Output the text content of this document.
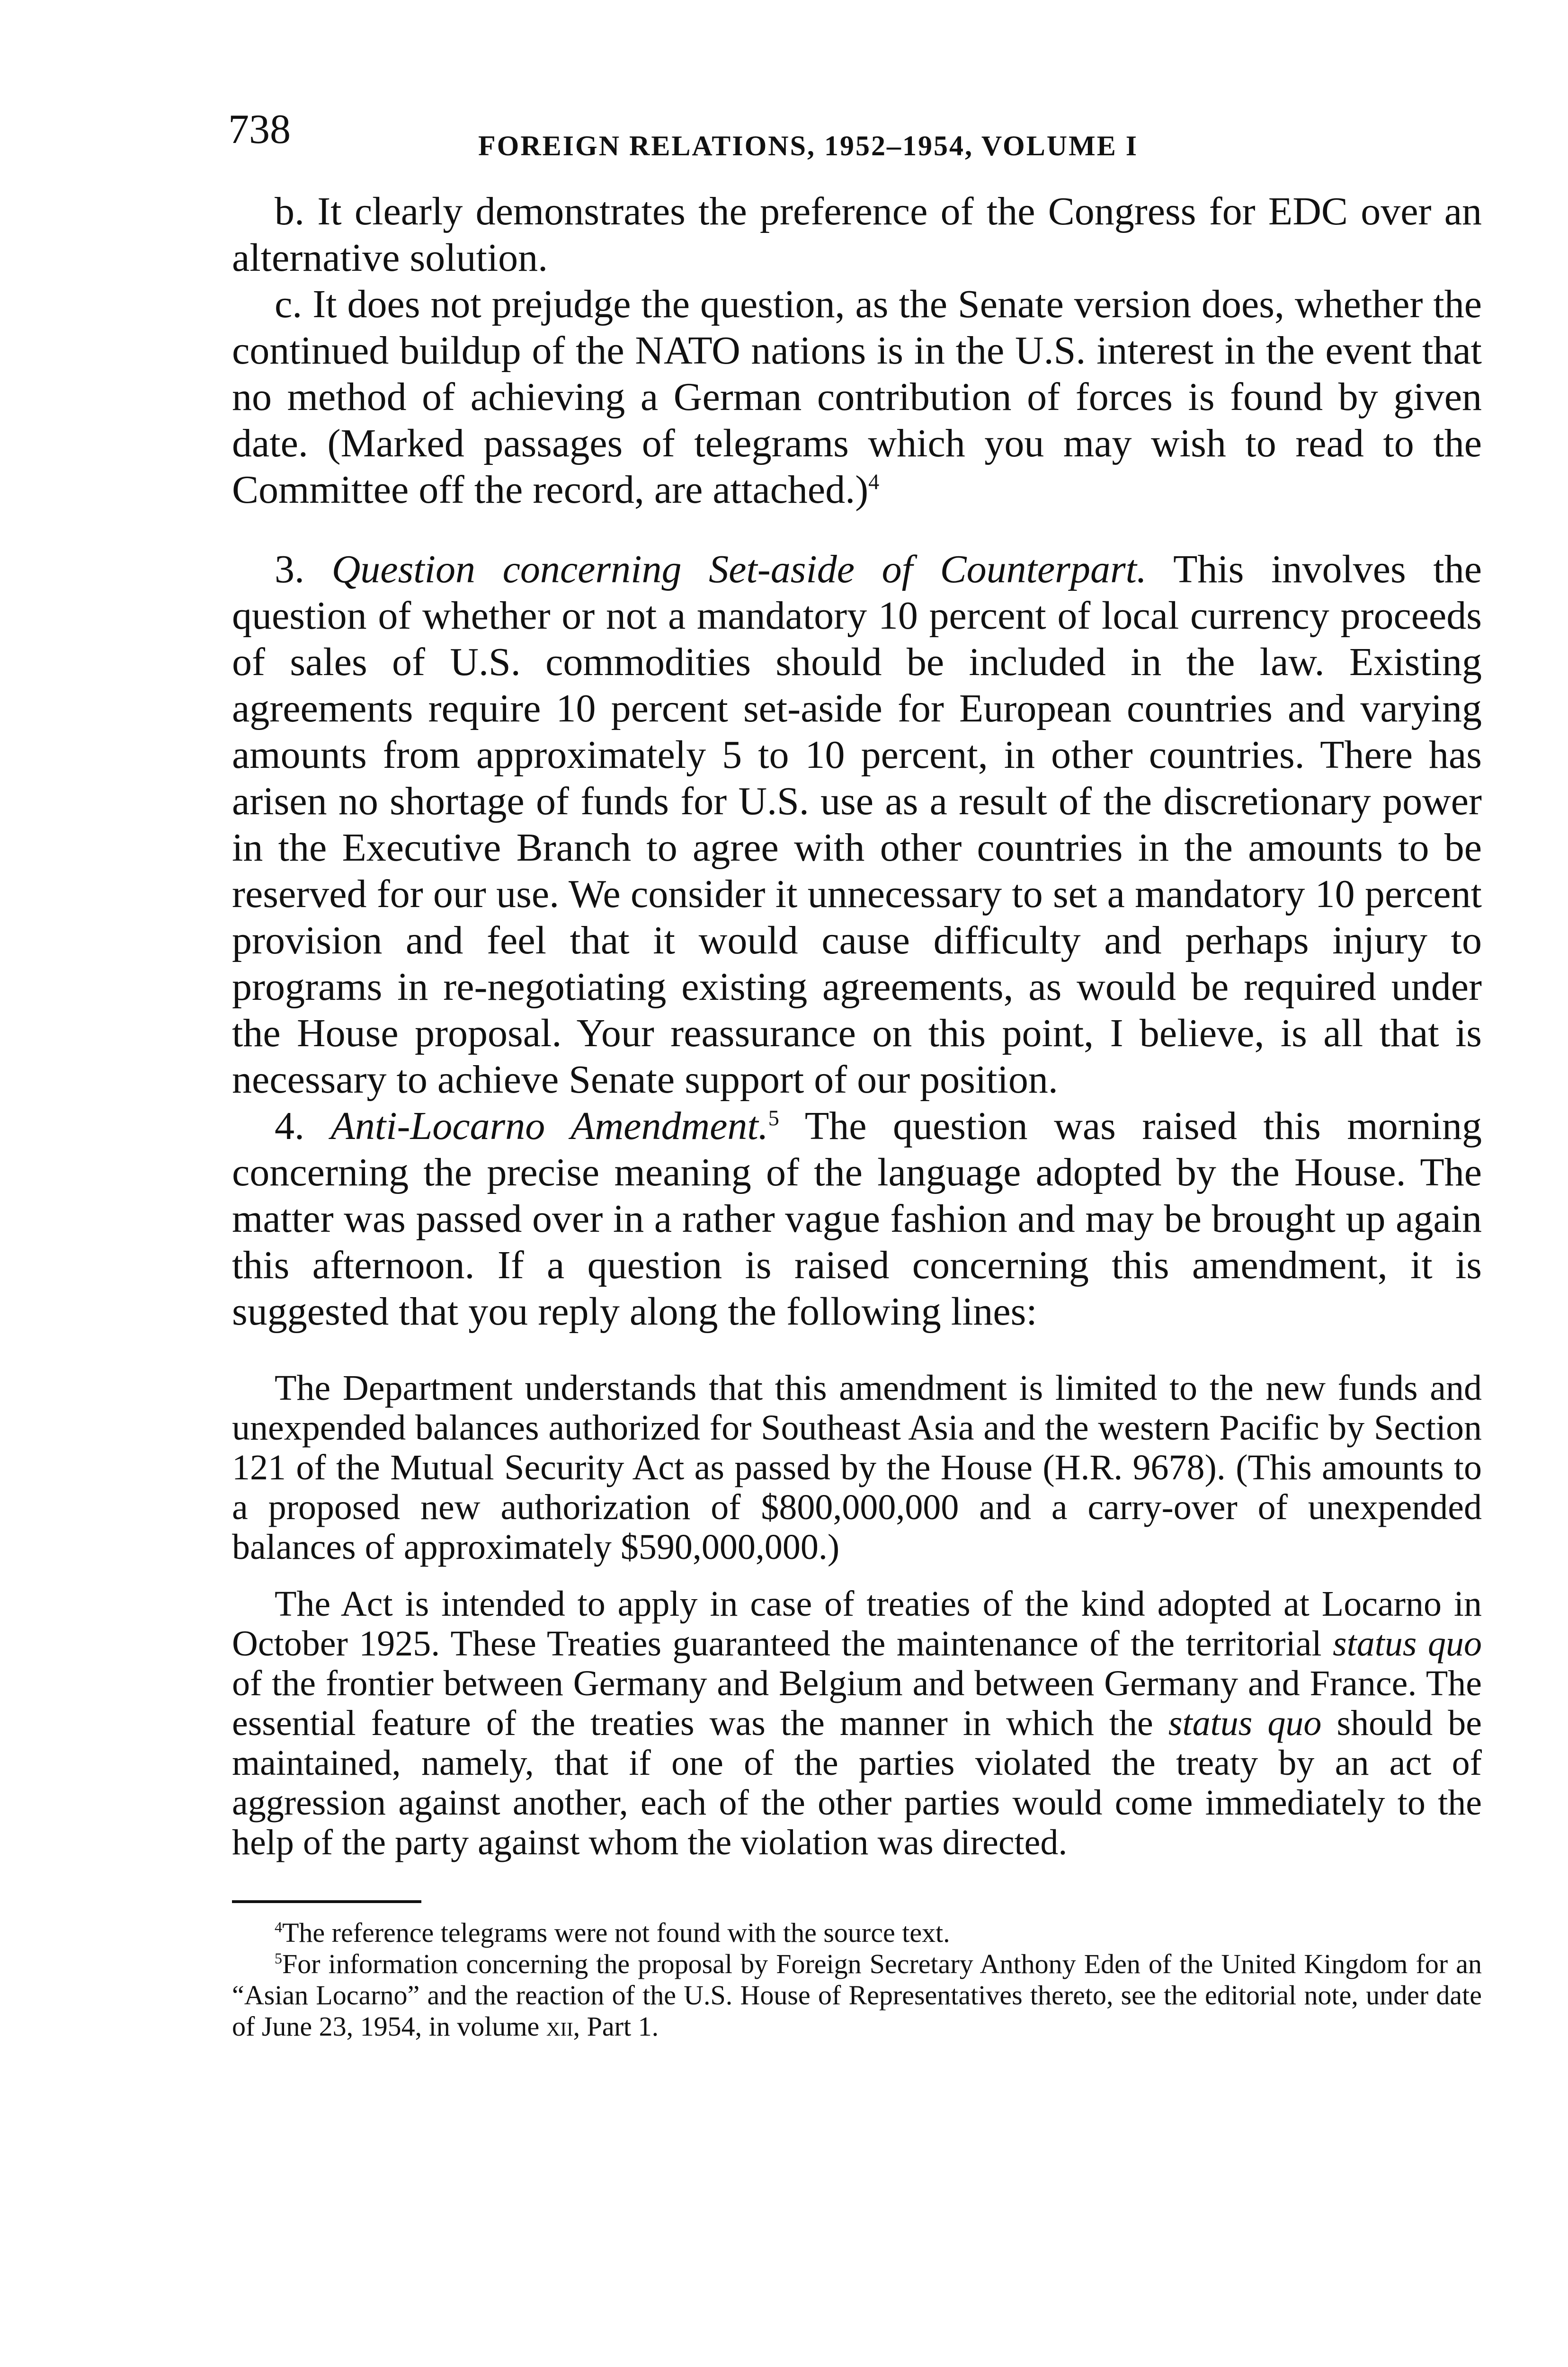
738	FOREIGN RELATIONS, 1952–1954, VOLUME I

b. It clearly demonstrates the preference of the Congress for EDC over an alternative solution.

c. It does not prejudge the question, as the Senate version does, whether the continued buildup of the NATO nations is in the U.S. interest in the event that no method of achieving a German contribution of forces is found by given date. (Marked passages of telegrams which you may wish to read to the Committee off the record, are attached.)$^4$

3. Question concerning Set-aside of Counterpart. This involves the question of whether or not a mandatory 10 percent of local currency proceeds of sales of U.S. commodities should be included in the law. Existing agreements require 10 percent set-aside for European countries and varying amounts from approximately 5 to 10 percent, in other countries. There has arisen no shortage of funds for U.S. use as a result of the discretionary power in the Executive Branch to agree with other countries in the amounts to be reserved for our use. We consider it unnecessary to set a mandatory 10 percent provision and feel that it would cause difficulty and perhaps injury to programs in re-negotiating existing agreements, as would be required under the House proposal. Your reassurance on this point, I believe, is all that is necessary to achieve Senate support of our position.

4. Anti-Locarno Amendment.$^5$ The question was raised this morning concerning the precise meaning of the language adopted by the House. The matter was passed over in a rather vague fashion and may be brought up again this afternoon. If a question is raised concerning this amendment, it is suggested that you reply along the following lines:

The Department understands that this amendment is limited to the new funds and unexpended balances authorized for Southeast Asia and the western Pacific by Section 121 of the Mutual Security Act as passed by the House (H.R. 9678). (This amounts to a proposed new authorization of $800,000,000 and a carry-over of unexpended balances of approximately $590,000,000.)

The Act is intended to apply in case of treaties of the kind adopted at Locarno in October 1925. These Treaties guaranteed the maintenance of the territorial status quo of the frontier between Germany and Belgium and between Germany and France. The essential feature of the treaties was the manner in which the status quo should be maintained, namely, that if one of the parties violated the treaty by an act of aggression against another, each of the other parties would come immediately to the help of the party against whom the violation was directed.

$^4$The reference telegrams were not found with the source text.

$^5$For information concerning the proposal by Foreign Secretary Anthony Eden of the United Kingdom for an “Asian Locarno” and the reaction of the U.S. House of Representatives thereto, see the editorial note, under date of June 23, 1954, in volume xii, Part 1.
